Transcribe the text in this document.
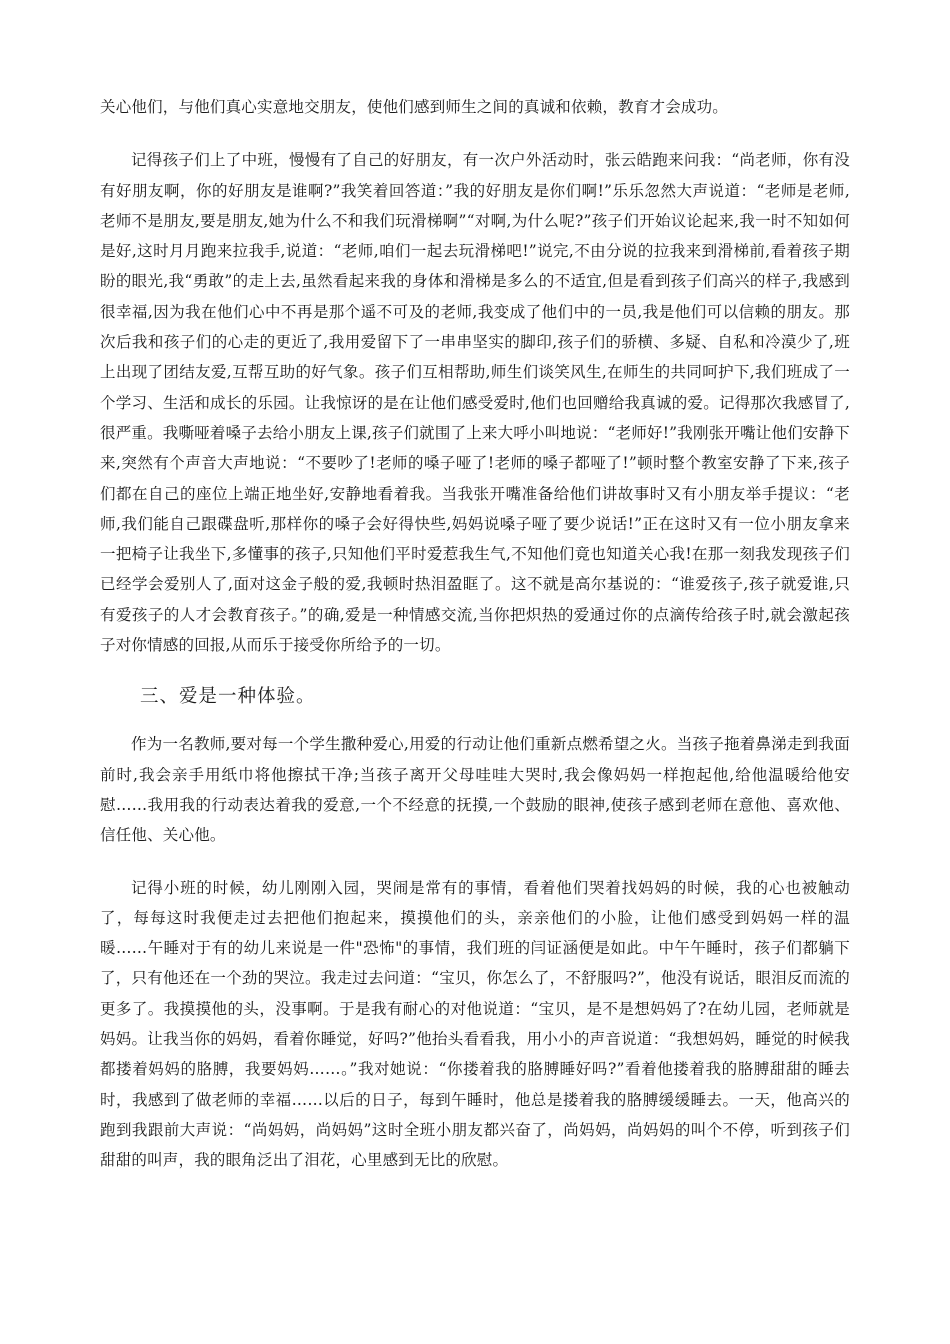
关心他们，与他们真心实意地交朋友，使他们感到师生之间的真诚和依赖，教育才会成功。

记得孩子们上了中班，慢慢有了自己的好朋友，有一次户外活动时，张云皓跑来问我：“尚老师，你有没有好朋友啊，你的好朋友是谁啊?”我笑着回答道：”我的好朋友是你们啊!”乐乐忽然大声说道：“老师是老师,老师不是朋友,要是朋友,她为什么不和我们玩滑梯啊”“对啊,为什么呢?”孩子们开始议论起来,我一时不知如何是好,这时月月跑来拉我手,说道：“老师,咱们一起去玩滑梯吧!”说完,不由分说的拉我来到滑梯前,看着孩子期盼的眼光,我“勇敢”的走上去,虽然看起来我的身体和滑梯是多么的不适宜,但是看到孩子们高兴的样子,我感到很幸福,因为我在他们心中不再是那个遥不可及的老师,我变成了他们中的一员,我是他们可以信赖的朋友。那次后我和孩子们的心走的更近了,我用爱留下了一串串坚实的脚印,孩子们的骄横、多疑、自私和冷漠少了,班上出现了团结友爱,互帮互助的好气象。孩子们互相帮助,师生们谈笑风生,在师生的共同呵护下,我们班成了一个学习、生活和成长的乐园。让我惊讶的是在让他们感受爱时,他们也回赠给我真诚的爱。记得那次我感冒了,很严重。我嘶哑着嗓子去给小朋友上课,孩子们就围了上来大呼小叫地说：“老师好!”我刚张开嘴让他们安静下来,突然有个声音大声地说：“不要吵了!老师的嗓子哑了!老师的嗓子都哑了!”顿时整个教室安静了下来,孩子们都在自己的座位上端正地坐好,安静地看着我。当我张开嘴准备给他们讲故事时又有小朋友举手提议：“老师,我们能自己跟碟盘听,那样你的嗓子会好得快些,妈妈说嗓子哑了要少说话!”正在这时又有一位小朋友拿来一把椅子让我坐下,多懂事的孩子,只知他们平时爱惹我生气,不知他们竟也知道关心我!在那一刻我发现孩子们已经学会爱别人了,面对这金子般的爱,我顿时热泪盈眶了。这不就是高尔基说的：“谁爱孩子,孩子就爱谁,只有爱孩子的人才会教育孩子。”的确,爱是一种情感交流,当你把炽热的爱通过你的点滴传给孩子时,就会激起孩子对你情感的回报,从而乐于接受你所给予的一切。

三、爱是一种体验。

作为一名教师,要对每一个学生撒种爱心,用爱的行动让他们重新点燃希望之火。当孩子拖着鼻涕走到我面前时,我会亲手用纸巾将他擦拭干净;当孩子离开父母哇哇大哭时,我会像妈妈一样抱起他,给他温暖给他安慰……我用我的行动表达着我的爱意,一个不经意的抚摸,一个鼓励的眼神,使孩子感到老师在意他、喜欢他、信任他、关心他。

记得小班的时候，幼儿刚刚入园，哭闹是常有的事情，看着他们哭着找妈妈的时候，我的心也被触动了，每每这时我便走过去把他们抱起来，摸摸他们的头，亲亲他们的小脸，让他们感受到妈妈一样的温暖……午睡对于有的幼儿来说是一件"恐怖"的事情，我们班的闫证涵便是如此。中午午睡时，孩子们都躺下了，只有他还在一个劲的哭泣。我走过去问道：“宝贝，你怎么了，不舒服吗?”，他没有说话，眼泪反而流的更多了。我摸摸他的头，没事啊。于是我有耐心的对他说道：“宝贝，是不是想妈妈了?在幼儿园，老师就是妈妈。让我当你的妈妈，看着你睡觉，好吗?”他抬头看看我，用小小的声音说道：“我想妈妈，睡觉的时候我都搂着妈妈的胳膊，我要妈妈……。”我对她说：“你搂着我的胳膊睡好吗?”看着他搂着我的胳膊甜甜的睡去时，我感到了做老师的幸福……以后的日子，每到午睡时，他总是搂着我的胳膊缓缓睡去。一天，他高兴的跑到我跟前大声说：“尚妈妈，尚妈妈”这时全班小朋友都兴奋了，尚妈妈，尚妈妈的叫个不停，听到孩子们甜甜的叫声，我的眼角泛出了泪花，心里感到无比的欣慰。
